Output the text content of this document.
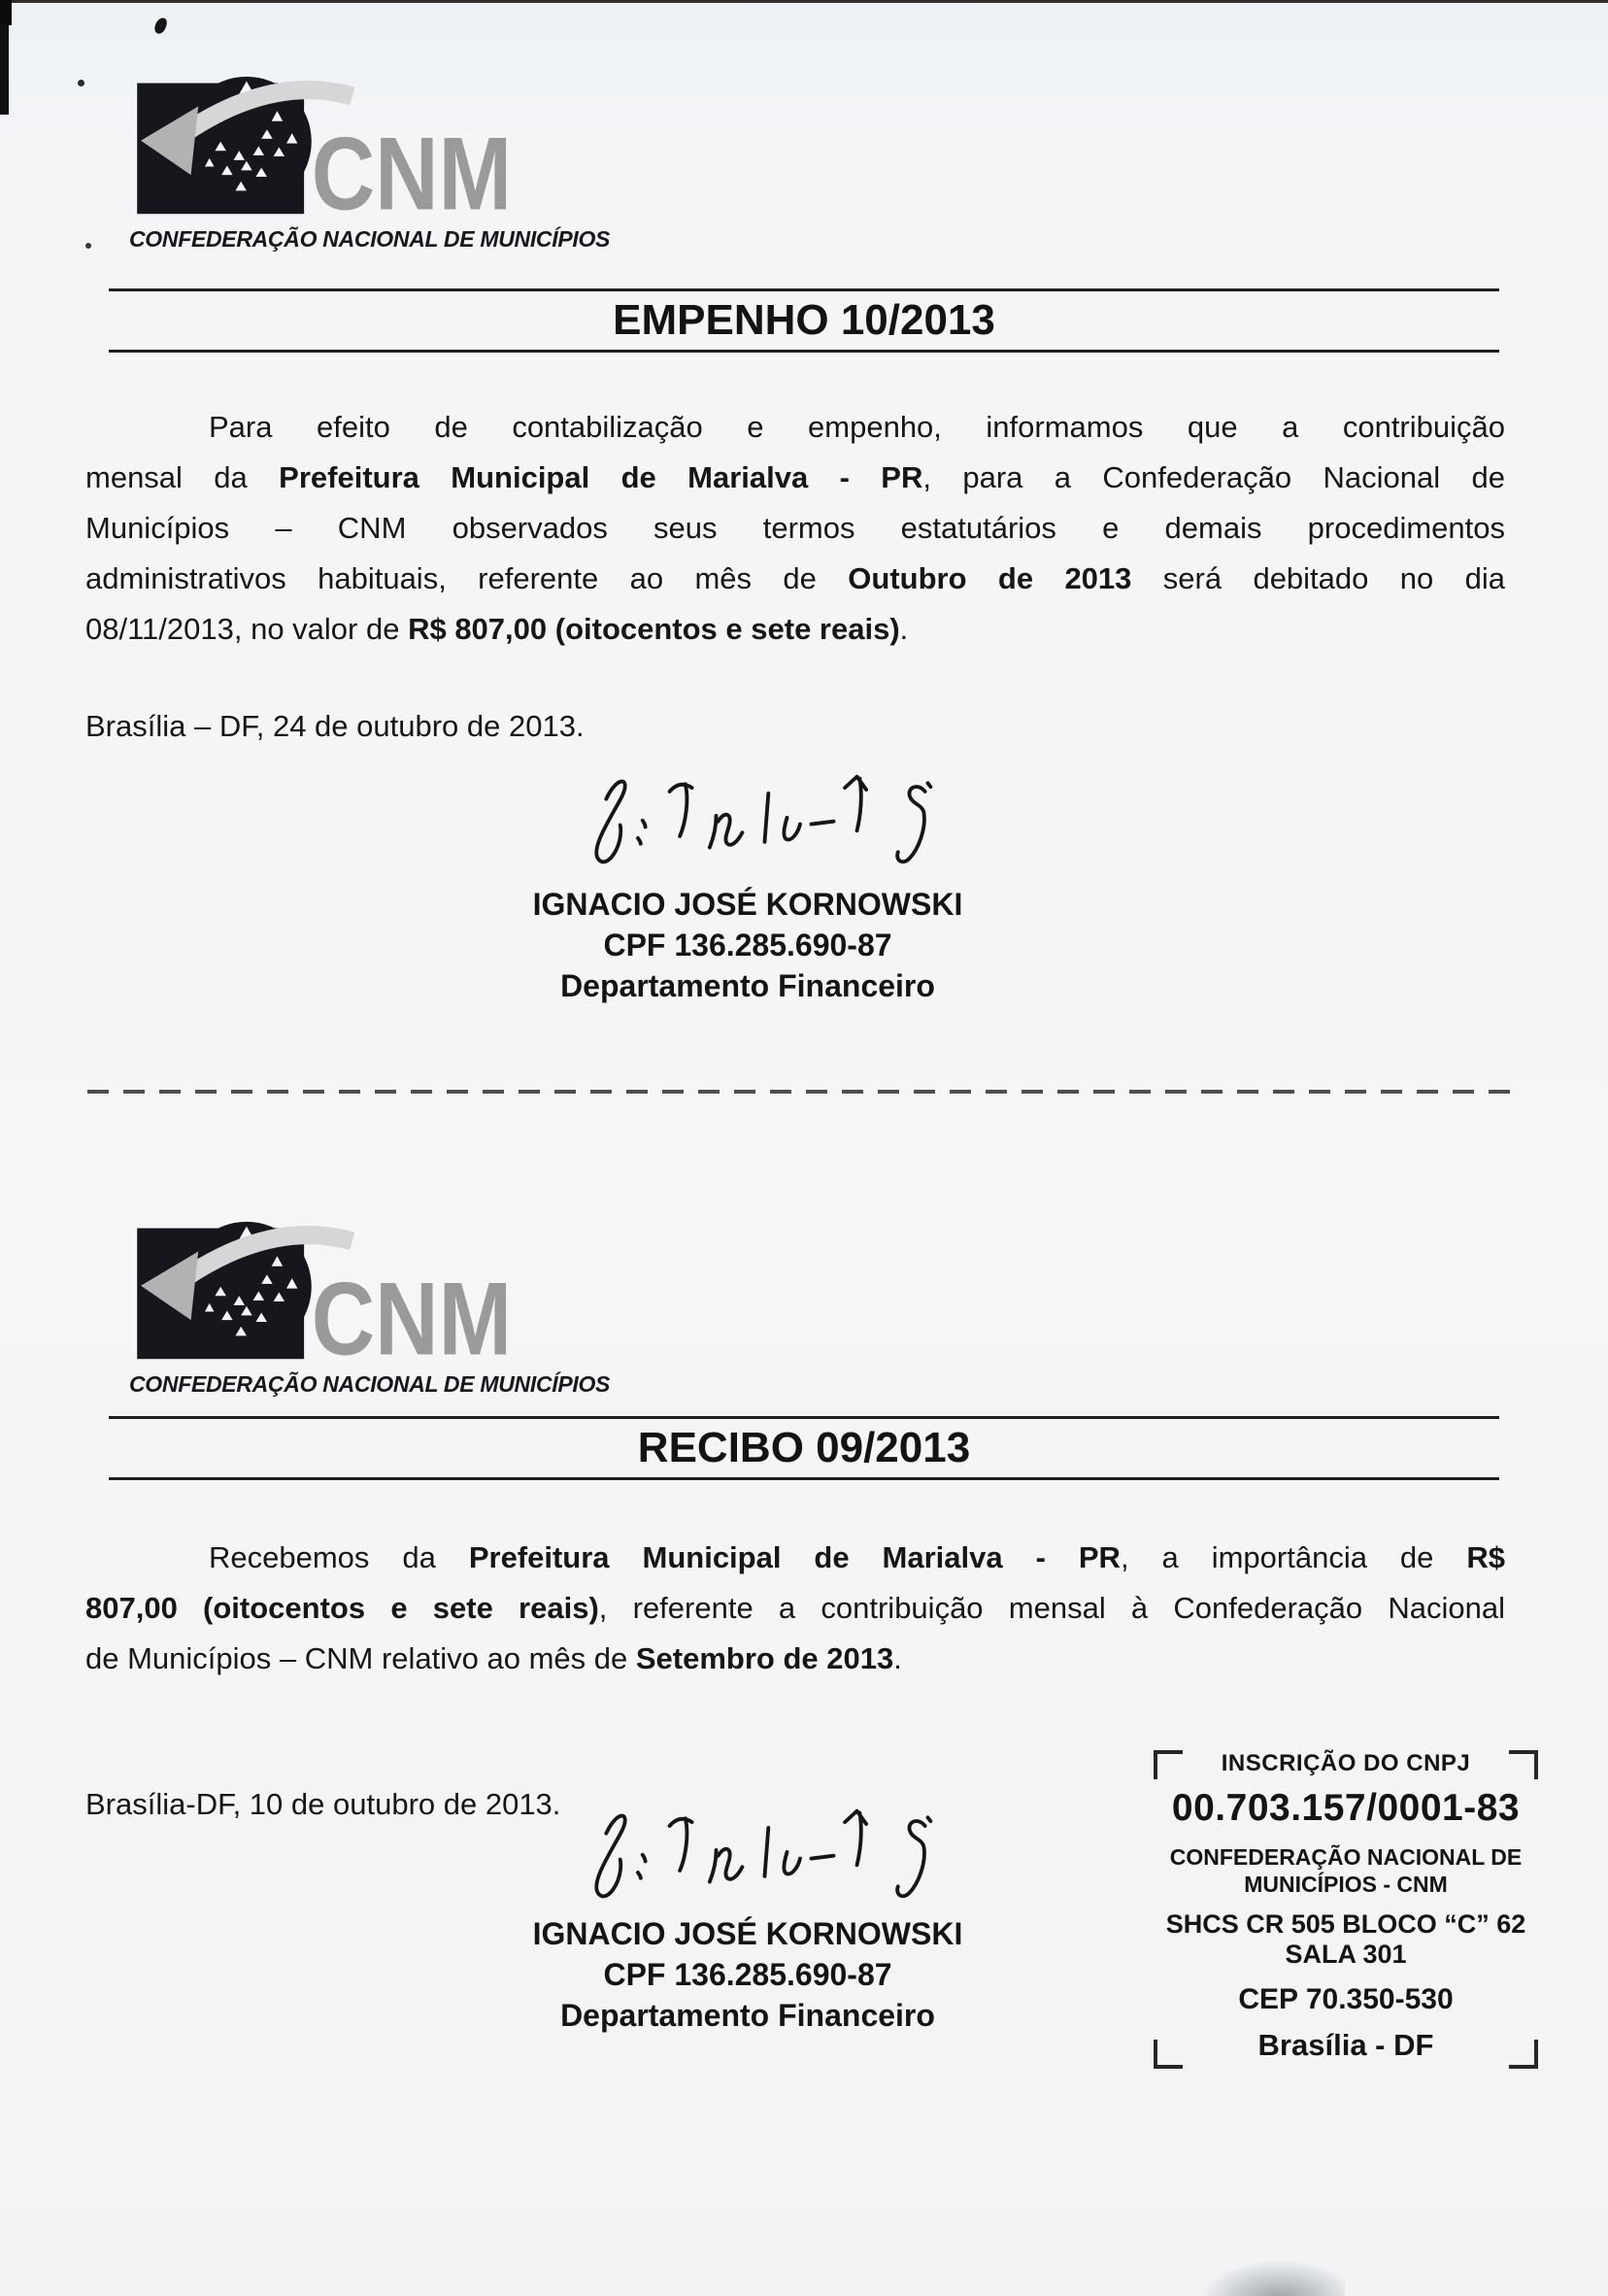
CNM
CONFEDERAÇÃO NACIONAL DE MUNICÍPIOS
EMPENHO 10/2013
Para efeito de contabilização e empenho, informamos que a contribuição
mensal da Prefeitura Municipal de Marialva - PR, para a Confederação Nacional de
Municípios – CNM observados seus termos estatutários e demais procedimentos
administrativos habituais, referente ao mês de Outubro de 2013 será debitado no dia
08/11/2013, no valor de R$ 807,00 (oitocentos e sete reais).
Brasília – DF, 24 de outubro de 2013.
IGNACIO JOSÉ KORNOWSKI
CPF 136.285.690-87
Departamento Financeiro
CNM
CONFEDERAÇÃO NACIONAL DE MUNICÍPIOS
RECIBO 09/2013
Recebemos da Prefeitura Municipal de Marialva - PR, a importância de R$
807,00 (oitocentos e sete reais), referente a contribuição mensal à Confederação Nacional
de Municípios – CNM relativo ao mês de Setembro de 2013.
Brasília-DF, 10 de outubro de 2013.
IGNACIO JOSÉ KORNOWSKI
CPF 136.285.690-87
Departamento Financeiro
INSCRIÇÃO DO CNPJ
00.703.157/0001-83
CONFEDERAÇÃO NACIONAL DE
MUNICÍPIOS - CNM
SHCS CR 505 BLOCO “C” 62
SALA 301
CEP 70.350-530
Brasília - DF
